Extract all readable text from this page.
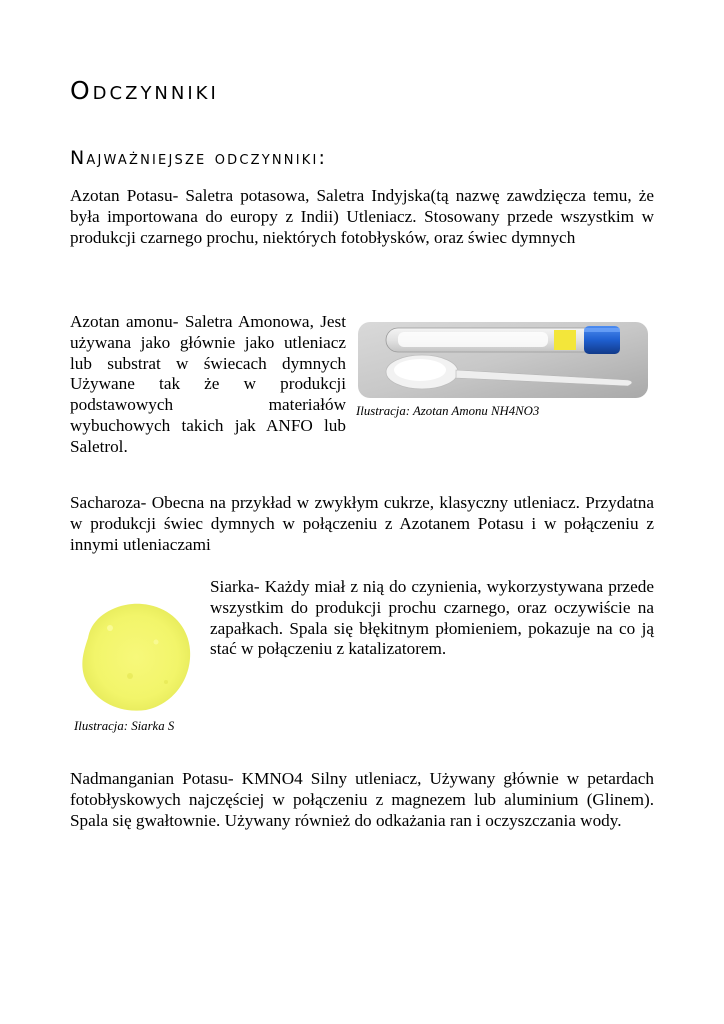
Odczynniki
Najważniejsze odczynniki:

Azotan Potasu- Saletra potasowa, Saletra Indyjska(tą nazwę zawdzięcza temu, że była importowana do europy z Indii) Utleniacz. Stosowany przede wszystkim w produkcji czarnego prochu, niektórych fotobłysków, oraz świec dymnych

Azotan amonu- Saletra Amonowa, Jest używana jako głównie jako utleniacz lub substrat w świecach dymnych Używane tak że w produkcji podstawowych materiałów wybuchowych takich jak ANFO lub Saletrol.

Ilustracja: Azotan Amonu NH4NO3

Sacharoza- Obecna na przykład w zwykłym cukrze, klasyczny utleniacz. Przydatna w produkcji świec dymnych w połączeniu z Azotanem Potasu i w połączeniu z innymi utleniaczami

Siarka- Każdy miał z nią do czynienia, wykorzystywana przede wszystkim do produkcji prochu czarnego, oraz oczywiście na zapałkach. Spala się błękitnym płomieniem, pokazuje na co ją stać w połączeniu z katalizatorem.

Ilustracja: Siarka S

Nadmanganian Potasu- KMNO4 Silny utleniacz, Używany głównie w petardach fotobłyskowych najczęściej w połączeniu z magnezem lub aluminium (Glinem). Spala się gwałtownie. Używany również do odkażania ran i oczyszczania wody.
